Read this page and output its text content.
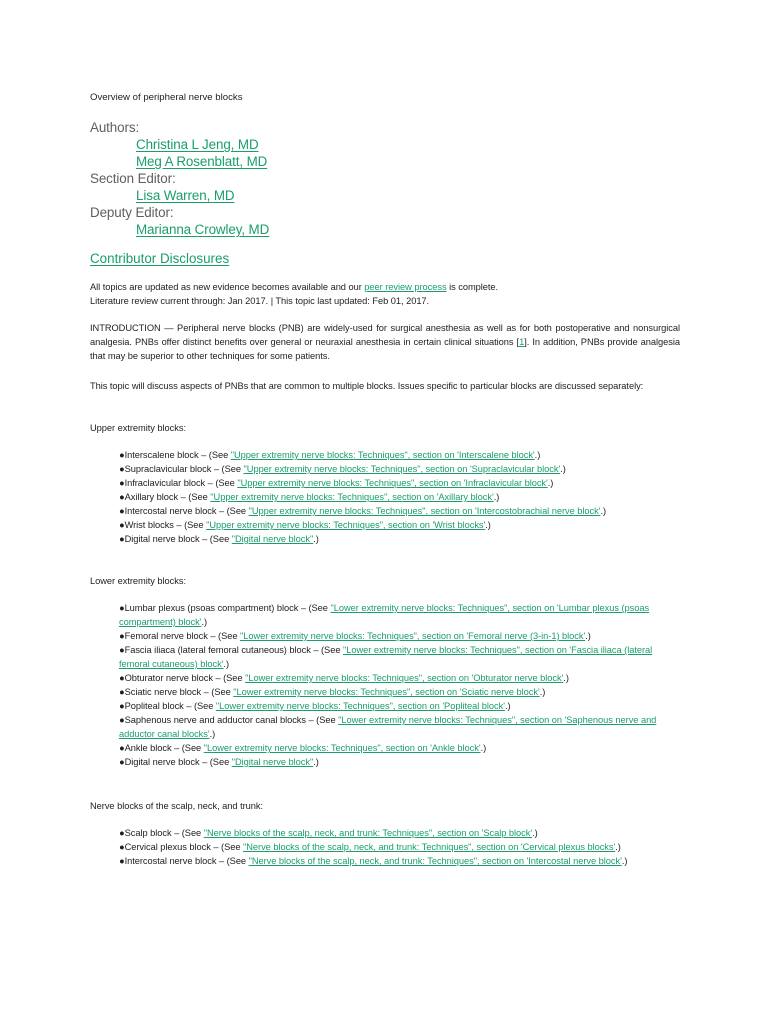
Overview of peripheral nerve blocks
Authors:
Christina L Jeng, MD
Meg A Rosenblatt, MD
Section Editor:
Lisa Warren, MD
Deputy Editor:
Marianna Crowley, MD
Contributor Disclosures
All topics are updated as new evidence becomes available and our peer review process is complete.
Literature review current through: Jan 2017. | This topic last updated: Feb 01, 2017.
INTRODUCTION — Peripheral nerve blocks (PNB) are widely-used for surgical anesthesia as well as for both postoperative and nonsurgical analgesia. PNBs offer distinct benefits over general or neuraxial anesthesia in certain clinical situations [1]. In addition, PNBs provide analgesia that may be superior to other techniques for some patients.
This topic will discuss aspects of PNBs that are common to multiple blocks. Issues specific to particular blocks are discussed separately:
Upper extremity blocks:
●Interscalene block – (See "Upper extremity nerve blocks: Techniques", section on 'Interscalene block'.)
●Supraclavicular block – (See "Upper extremity nerve blocks: Techniques", section on 'Supraclavicular block'.)
●Infraclavicular block – (See "Upper extremity nerve blocks: Techniques", section on 'Infraclavicular block'.)
●Axillary block – (See "Upper extremity nerve blocks: Techniques", section on 'Axillary block'.)
●Intercostal nerve block – (See "Upper extremity nerve blocks: Techniques", section on 'Intercostobrachial nerve block'.)
●Wrist blocks – (See "Upper extremity nerve blocks: Techniques", section on 'Wrist blocks'.)
●Digital nerve block – (See "Digital nerve block".)
Lower extremity blocks:
●Lumbar plexus (psoas compartment) block – (See "Lower extremity nerve blocks: Techniques", section on 'Lumbar plexus (psoas compartment) block'.)
●Femoral nerve block – (See "Lower extremity nerve blocks: Techniques", section on 'Femoral nerve (3-in-1) block'.)
●Fascia iliaca (lateral femoral cutaneous) block – (See "Lower extremity nerve blocks: Techniques", section on 'Fascia iliaca (lateral femoral cutaneous) block'.)
●Obturator nerve block – (See "Lower extremity nerve blocks: Techniques", section on 'Obturator nerve block'.)
●Sciatic nerve block – (See "Lower extremity nerve blocks: Techniques", section on 'Sciatic nerve block'.)
●Popliteal block – (See "Lower extremity nerve blocks: Techniques", section on 'Popliteal block'.)
●Saphenous nerve and adductor canal blocks – (See "Lower extremity nerve blocks: Techniques", section on 'Saphenous nerve and adductor canal blocks'.)
●Ankle block – (See "Lower extremity nerve blocks: Techniques", section on 'Ankle block'.)
●Digital nerve block – (See "Digital nerve block".)
Nerve blocks of the scalp, neck, and trunk:
●Scalp block – (See "Nerve blocks of the scalp, neck, and trunk: Techniques", section on 'Scalp block'.)
●Cervical plexus block – (See "Nerve blocks of the scalp, neck, and trunk: Techniques", section on 'Cervical plexus blocks'.)
●Intercostal nerve block – (See "Nerve blocks of the scalp, neck, and trunk: Techniques", section on 'Intercostal nerve block'.)
